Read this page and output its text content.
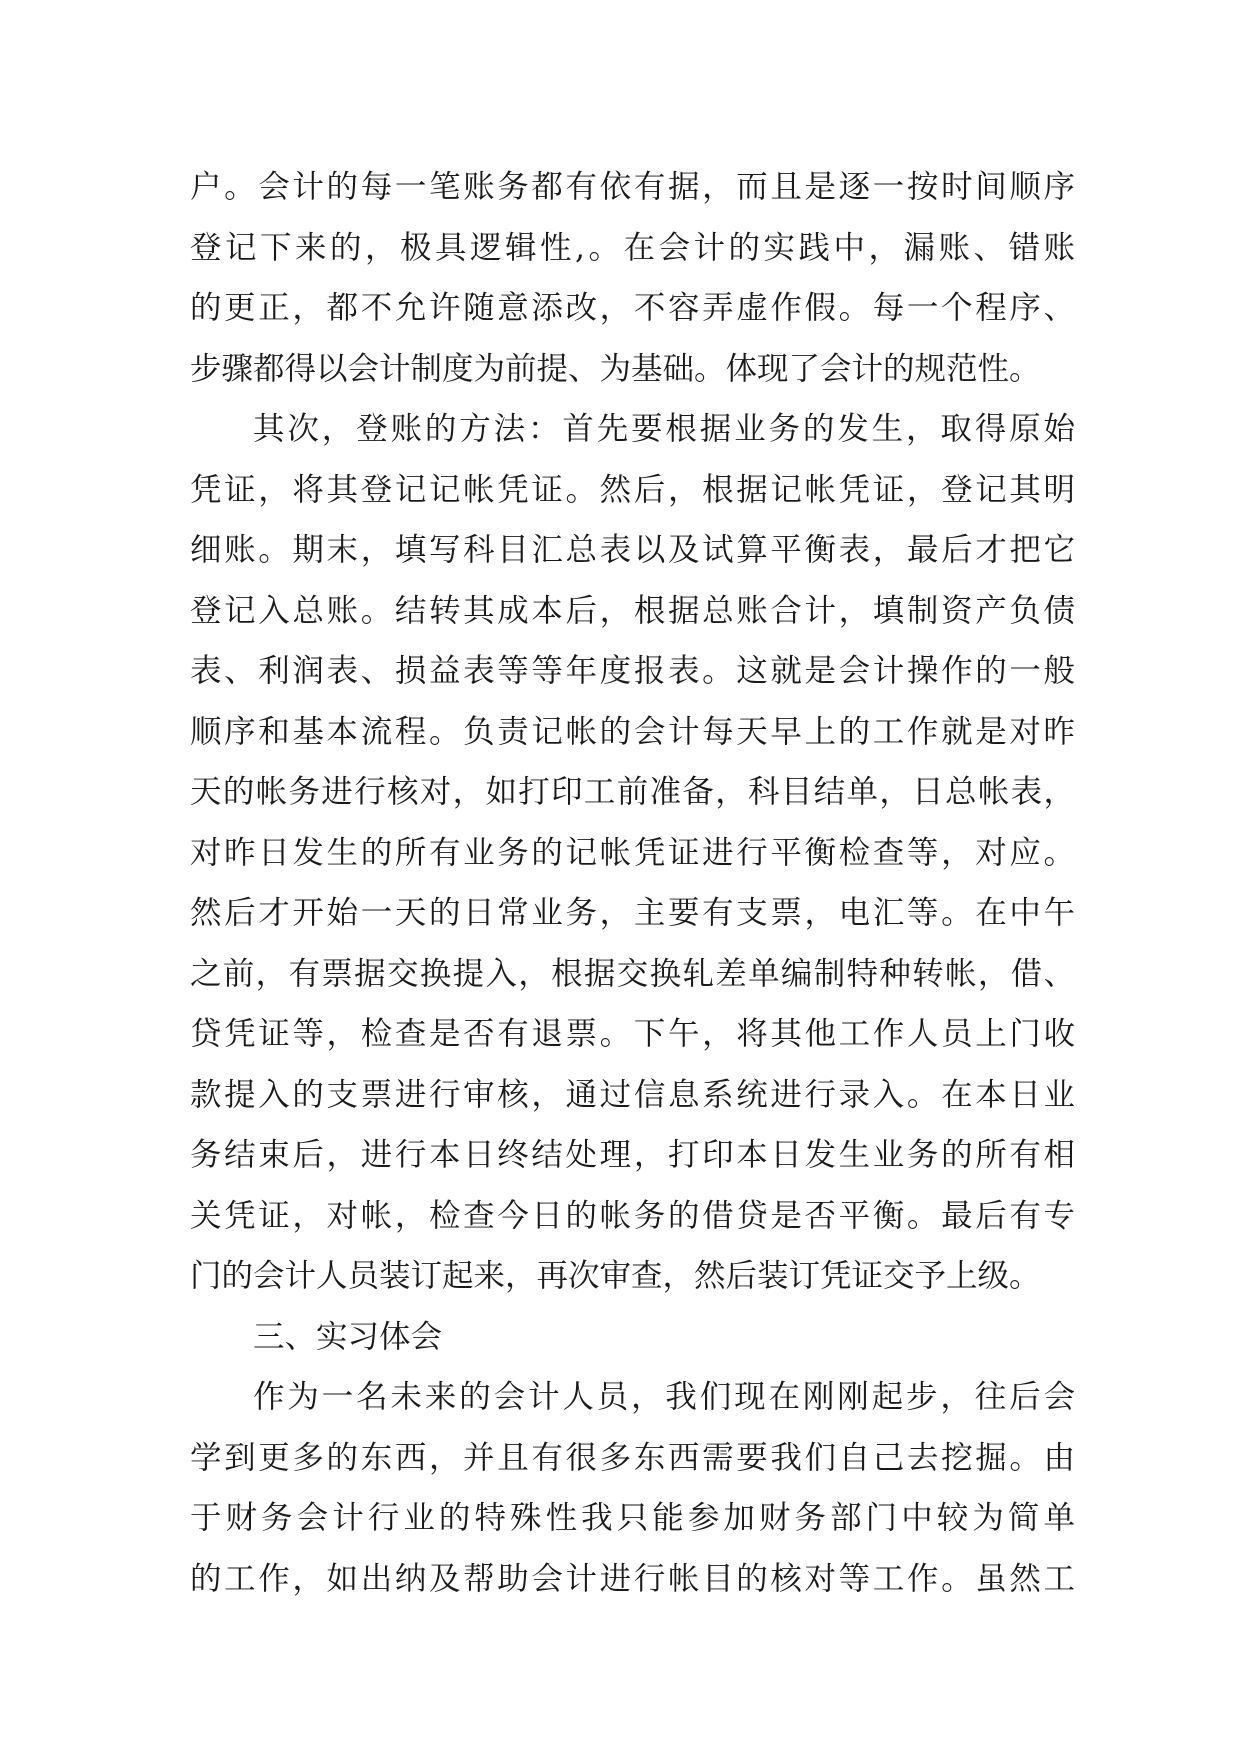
户。会计的每一笔账务都有依有据，而且是逐一按时间顺序
登记下来的，极具逻辑性,。在会计的实践中，漏账、错账
的更正，都不允许随意添改，不容弄虚作假。每一个程序、
步骤都得以会计制度为前提、为基础。体现了会计的规范性。
其次，登账的方法：首先要根据业务的发生，取得原始
凭证，将其登记记帐凭证。然后，根据记帐凭证，登记其明
细账。期末，填写科目汇总表以及试算平衡表，最后才把它
登记入总账。结转其成本后，根据总账合计，填制资产负债
表、利润表、损益表等等年度报表。这就是会计操作的一般
顺序和基本流程。负责记帐的会计每天早上的工作就是对昨
天的帐务进行核对，如打印工前准备，科目结单，日总帐表，
对昨日发生的所有业务的记帐凭证进行平衡检查等，对应。
然后才开始一天的日常业务，主要有支票，电汇等。在中午
之前，有票据交换提入，根据交换轧差单编制特种转帐，借、
贷凭证等，检查是否有退票。下午，将其他工作人员上门收
款提入的支票进行审核，通过信息系统进行录入。在本日业
务结束后，进行本日终结处理，打印本日发生业务的所有相
关凭证，对帐，检查今日的帐务的借贷是否平衡。最后有专
门的会计人员装订起来，再次审查，然后装订凭证交予上级。
三、实习体会
作为一名未来的会计人员，我们现在刚刚起步，往后会
学到更多的东西，并且有很多东西需要我们自己去挖掘。由
于财务会计行业的特殊性我只能参加财务部门中较为简单
的工作，如出纳及帮助会计进行帐目的核对等工作。虽然工
